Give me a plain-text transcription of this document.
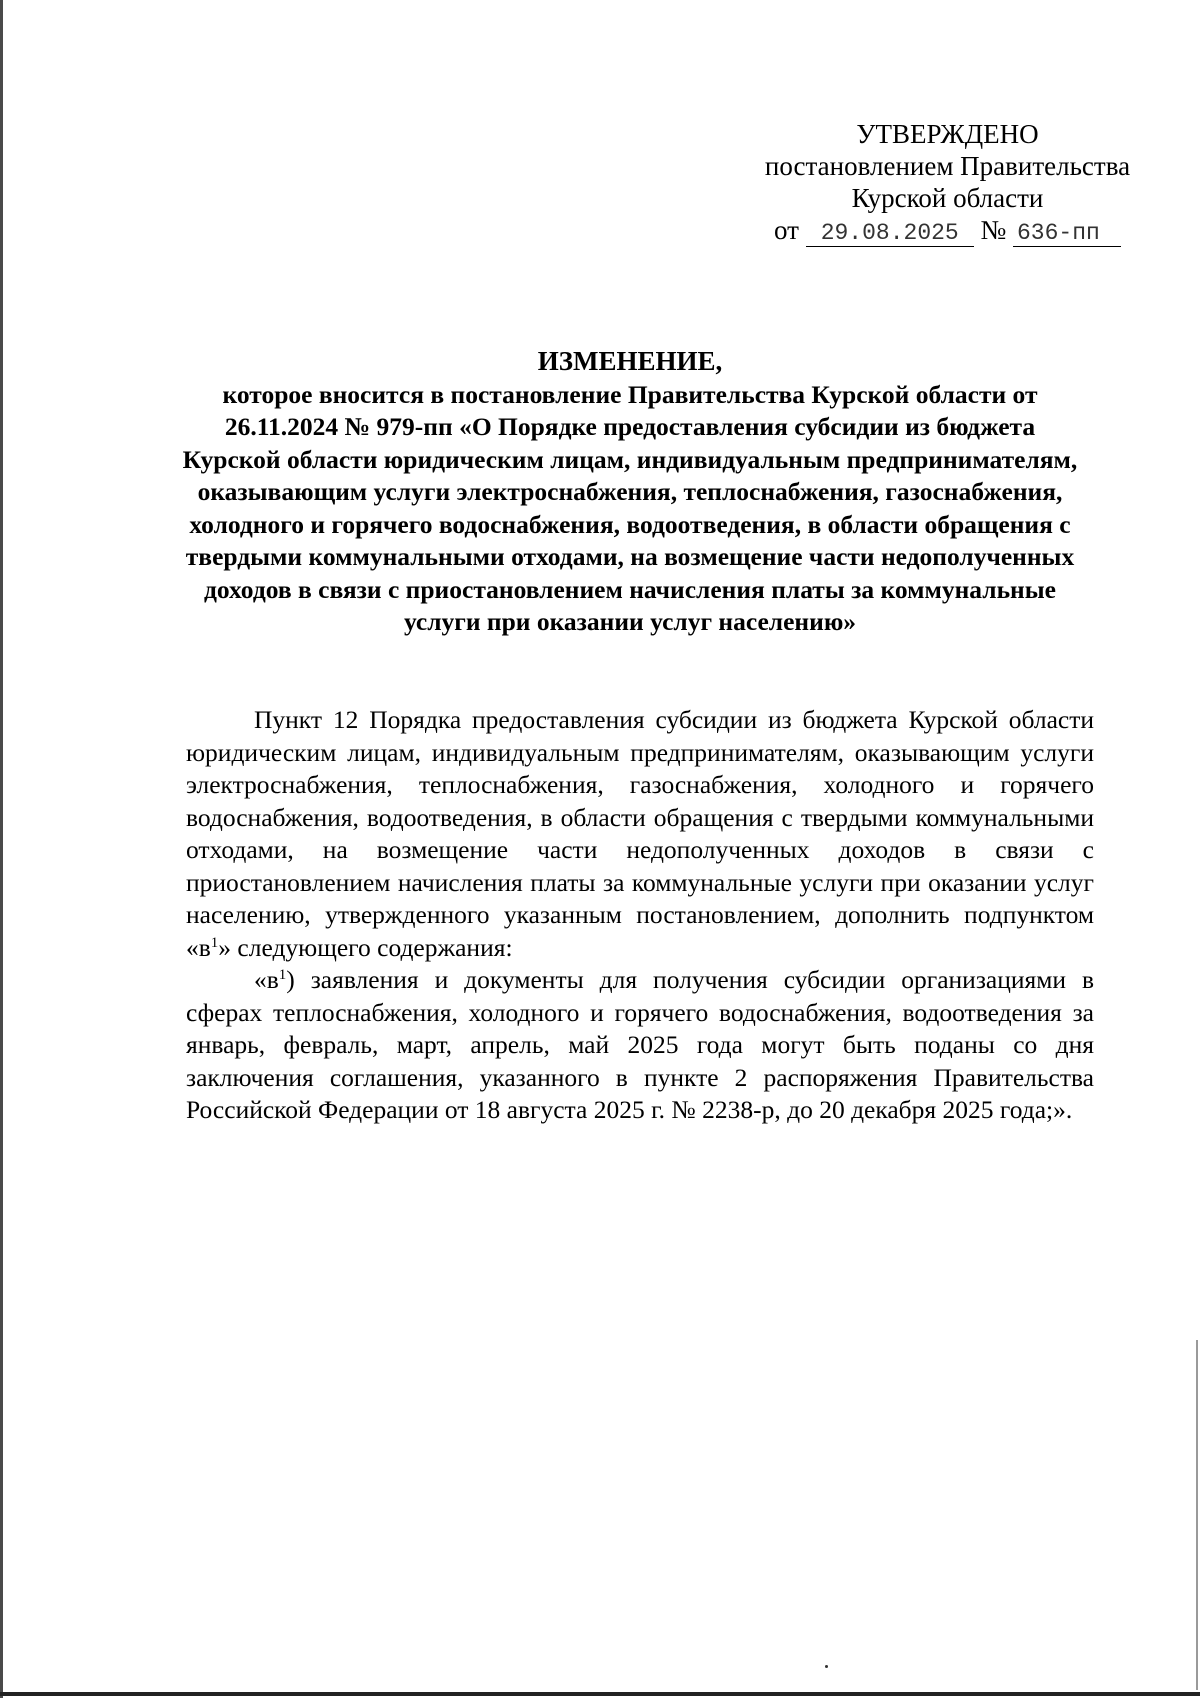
УТВЕРЖДЕНО
постановлением Правительства
Курской области
от 29.08.2025 № 636-пп
ИЗМЕНЕНИЕ,
которое вносится в постановление Правительства Курской области от 26.11.2024 № 979-пп «О Порядке предоставления субсидии из бюджета Курской области юридическим лицам, индивидуальным предпринимателям, оказывающим услуги электроснабжения, теплоснабжения, газоснабжения, холодного и горячего водоснабжения, водоотведения, в области обращения с твердыми коммунальными отходами, на возмещение части недополученных доходов в связи с приостановлением начисления платы за коммунальные услуги при оказании услуг населению»

Пункт 12 Порядка предоставления субсидии из бюджета Курской области юридическим лицам, индивидуальным предпринимателям, оказывающим услуги электроснабжения, теплоснабжения, газоснабжения, холодного и горячего водоснабжения, водоотведения, в области обращения с твердыми коммунальными отходами, на возмещение части недополученных доходов в связи с приостановлением начисления платы за коммунальные услуги при оказании услуг населению, утвержденного указанным постановлением, дополнить подпунктом «$в^1$» следующего содержания:

«$в^1$) заявления и документы для получения субсидии организациями в сферах теплоснабжения, холодного и горячего водоснабжения, водоотведения за январь, февраль, март, апрель, май 2025 года могут быть поданы со дня заключения соглашения, указанного в пункте 2 распоряжения Правительства Российской Федерации от 18 августа 2025 г. № 2238-р, до 20 декабря 2025 года;».
